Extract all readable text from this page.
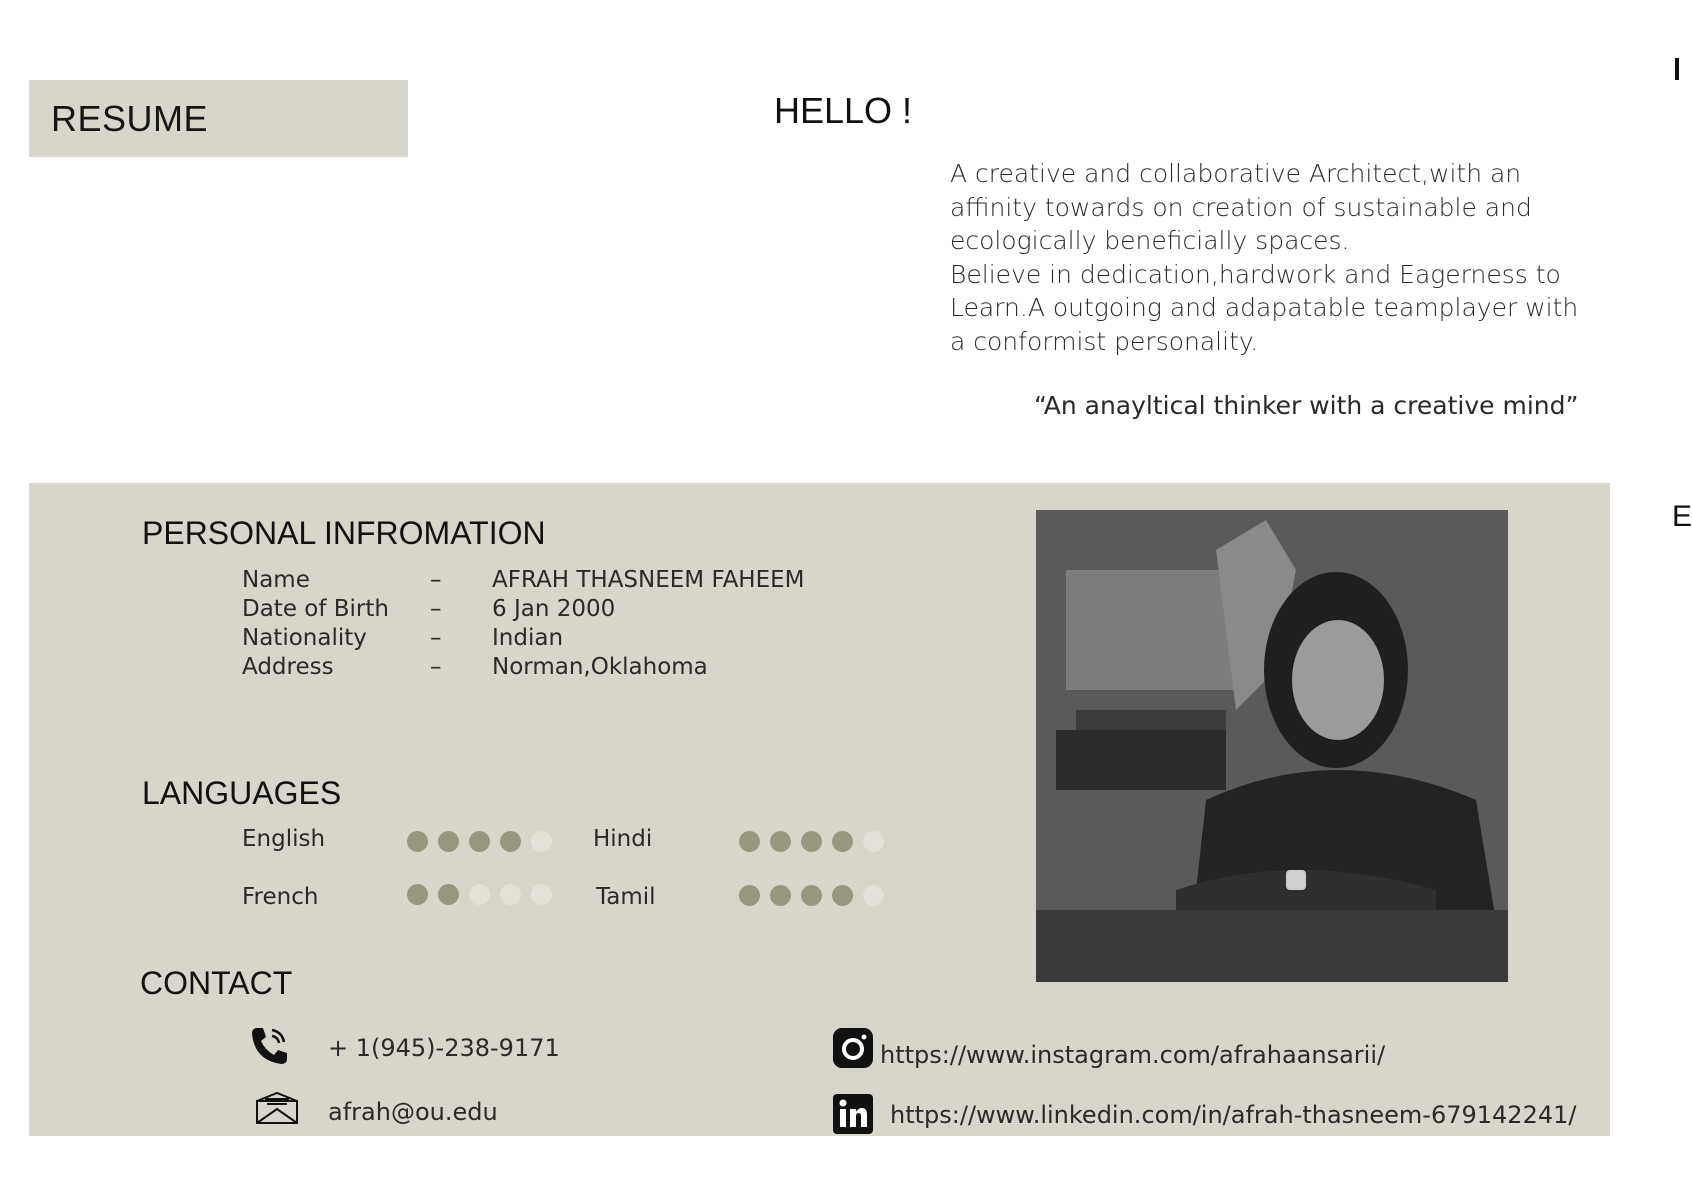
RESUME	HELLO !

A creative and collaborative Architect,with an affinity towards on creation of sustainable and ecologically beneficially spaces.

Believe in dedication,hardwork and Eagerness to Learn.A outgoing and adapatable teamplayer with a conformist personality.

“An anayltical thinker with a creative mind”
E
PERSONAL INFROMATION
Name	–	AFRAH THASNEEM FAHEEM
Date of Birth	–	6 Jan 2000
Nationality	–	Indian
Address	–	Norman,Oklahoma
LANGUAGES
English	Hindi
French	Tamil
CONTACT
+ 1(945)-238-9171
afrah@ou.edu
https://www.instagram.com/afrahaansarii/
https://www.linkedin.com/in/afrah-thasneem-679142241/
